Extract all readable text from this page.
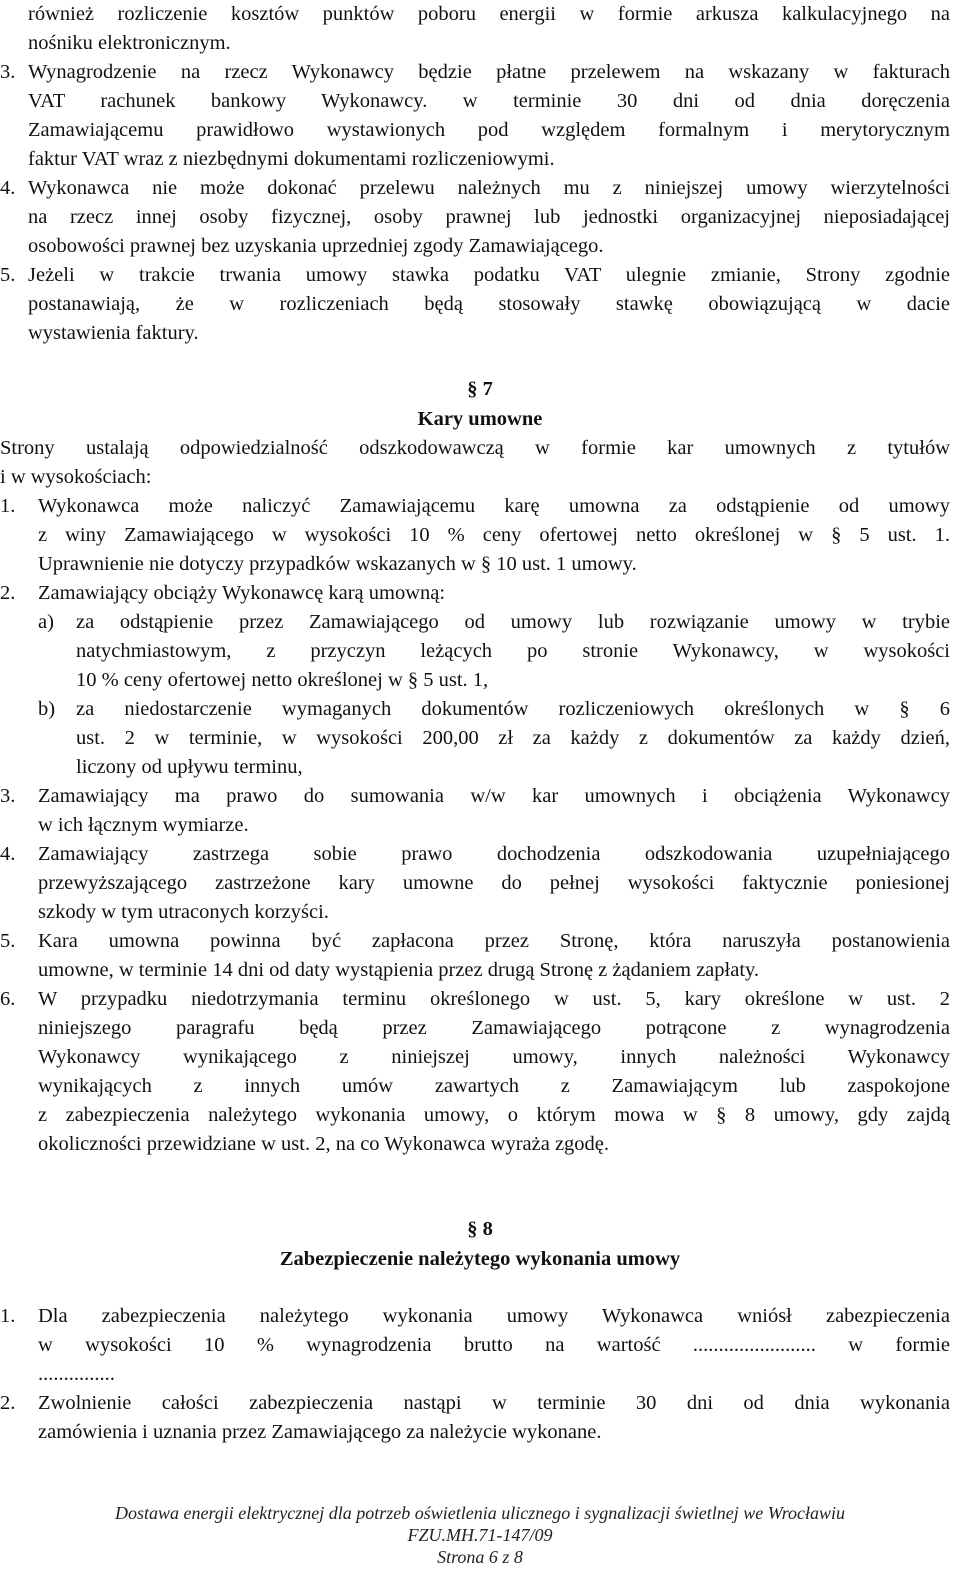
również rozliczenie kosztów punktów poboru energii w formie arkusza kalkulacyjnego na
nośniku elektronicznym.
3. Wynagrodzenie na rzecz Wykonawcy będzie płatne przelewem na wskazany w fakturach
VAT rachunek bankowy Wykonawcy. w terminie 30 dni od dnia doręczenia
Zamawiającemu prawidłowo wystawionych pod względem formalnym i merytorycznym
faktur VAT wraz z niezbędnymi dokumentami rozliczeniowymi.
4. Wykonawca nie może dokonać przelewu należnych mu z niniejszej umowy wierzytelności
na rzecz innej osoby fizycznej, osoby prawnej lub jednostki organizacyjnej nieposiadającej
osobowości prawnej bez uzyskania uprzedniej zgody Zamawiającego.
5. Jeżeli w trakcie trwania umowy stawka podatku VAT ulegnie zmianie, Strony zgodnie
postanawiają, że w rozliczeniach będą stosowały stawkę obowiązującą w dacie
wystawienia faktury.
§ 7
Kary umowne
Strony ustalają odpowiedzialność odszkodowawczą w formie kar umownych z tytułów
i w wysokościach:
1.	Wykonawca może naliczyć Zamawiającemu karę umowna za odstąpienie od umowy
z winy Zamawiającego w wysokości 10 % ceny ofertowej netto określonej w § 5 ust. 1.
Uprawnienie nie dotyczy przypadków wskazanych w § 10 ust. 1 umowy.
2.	Zamawiający obciąży Wykonawcę karą umowną:
a)	za odstąpienie przez Zamawiającego od umowy lub rozwiązanie umowy w trybie
natychmiastowym, z przyczyn leżących po stronie Wykonawcy, w wysokości
10 % ceny ofertowej netto określonej w § 5 ust. 1,
b)	za niedostarczenie wymaganych dokumentów rozliczeniowych określonych w § 6
ust. 2 w terminie, w wysokości 200,00 zł za każdy z dokumentów za każdy dzień,
liczony od upływu terminu,
3.	Zamawiający ma prawo do sumowania w/w kar umownych i obciążenia Wykonawcy
w ich łącznym wymiarze.
4.	Zamawiający zastrzega sobie prawo dochodzenia odszkodowania uzupełniającego
przewyższającego zastrzeżone kary umowne do pełnej wysokości faktycznie poniesionej
szkody w tym utraconych korzyści.
5.	Kara umowna powinna być zapłacona przez Stronę, która naruszyła postanowienia
umowne, w terminie 14 dni od daty wystąpienia przez drugą Stronę z żądaniem zapłaty.
6.	W przypadku niedotrzymania terminu określonego w ust. 5, kary określone w ust. 2
niniejszego paragrafu będą przez Zamawiającego potrącone z wynagrodzenia
Wykonawcy wynikającego z niniejszej umowy, innych należności Wykonawcy
wynikających z innych umów zawartych z Zamawiającym lub zaspokojone
z zabezpieczenia należytego wykonania umowy, o którym mowa w § 8 umowy, gdy zajdą
okoliczności przewidziane w ust. 2, na co Wykonawca wyraża zgodę.
§ 8
Zabezpieczenie należytego wykonania umowy
1.	Dla zabezpieczenia należytego wykonania umowy Wykonawca wniósł zabezpieczenia
w wysokości 10 % wynagrodzenia brutto na wartość ........................ w formie
...............
2.	Zwolnienie całości zabezpieczenia nastąpi w terminie 30 dni od dnia wykonania
zamówienia i uznania przez Zamawiającego za należycie wykonane.
Dostawa energii elektrycznej dla potrzeb oświetlenia ulicznego i sygnalizacji świetlnej we Wrocławiu
FZU.MH.71-147/09
Strona 6 z 8
